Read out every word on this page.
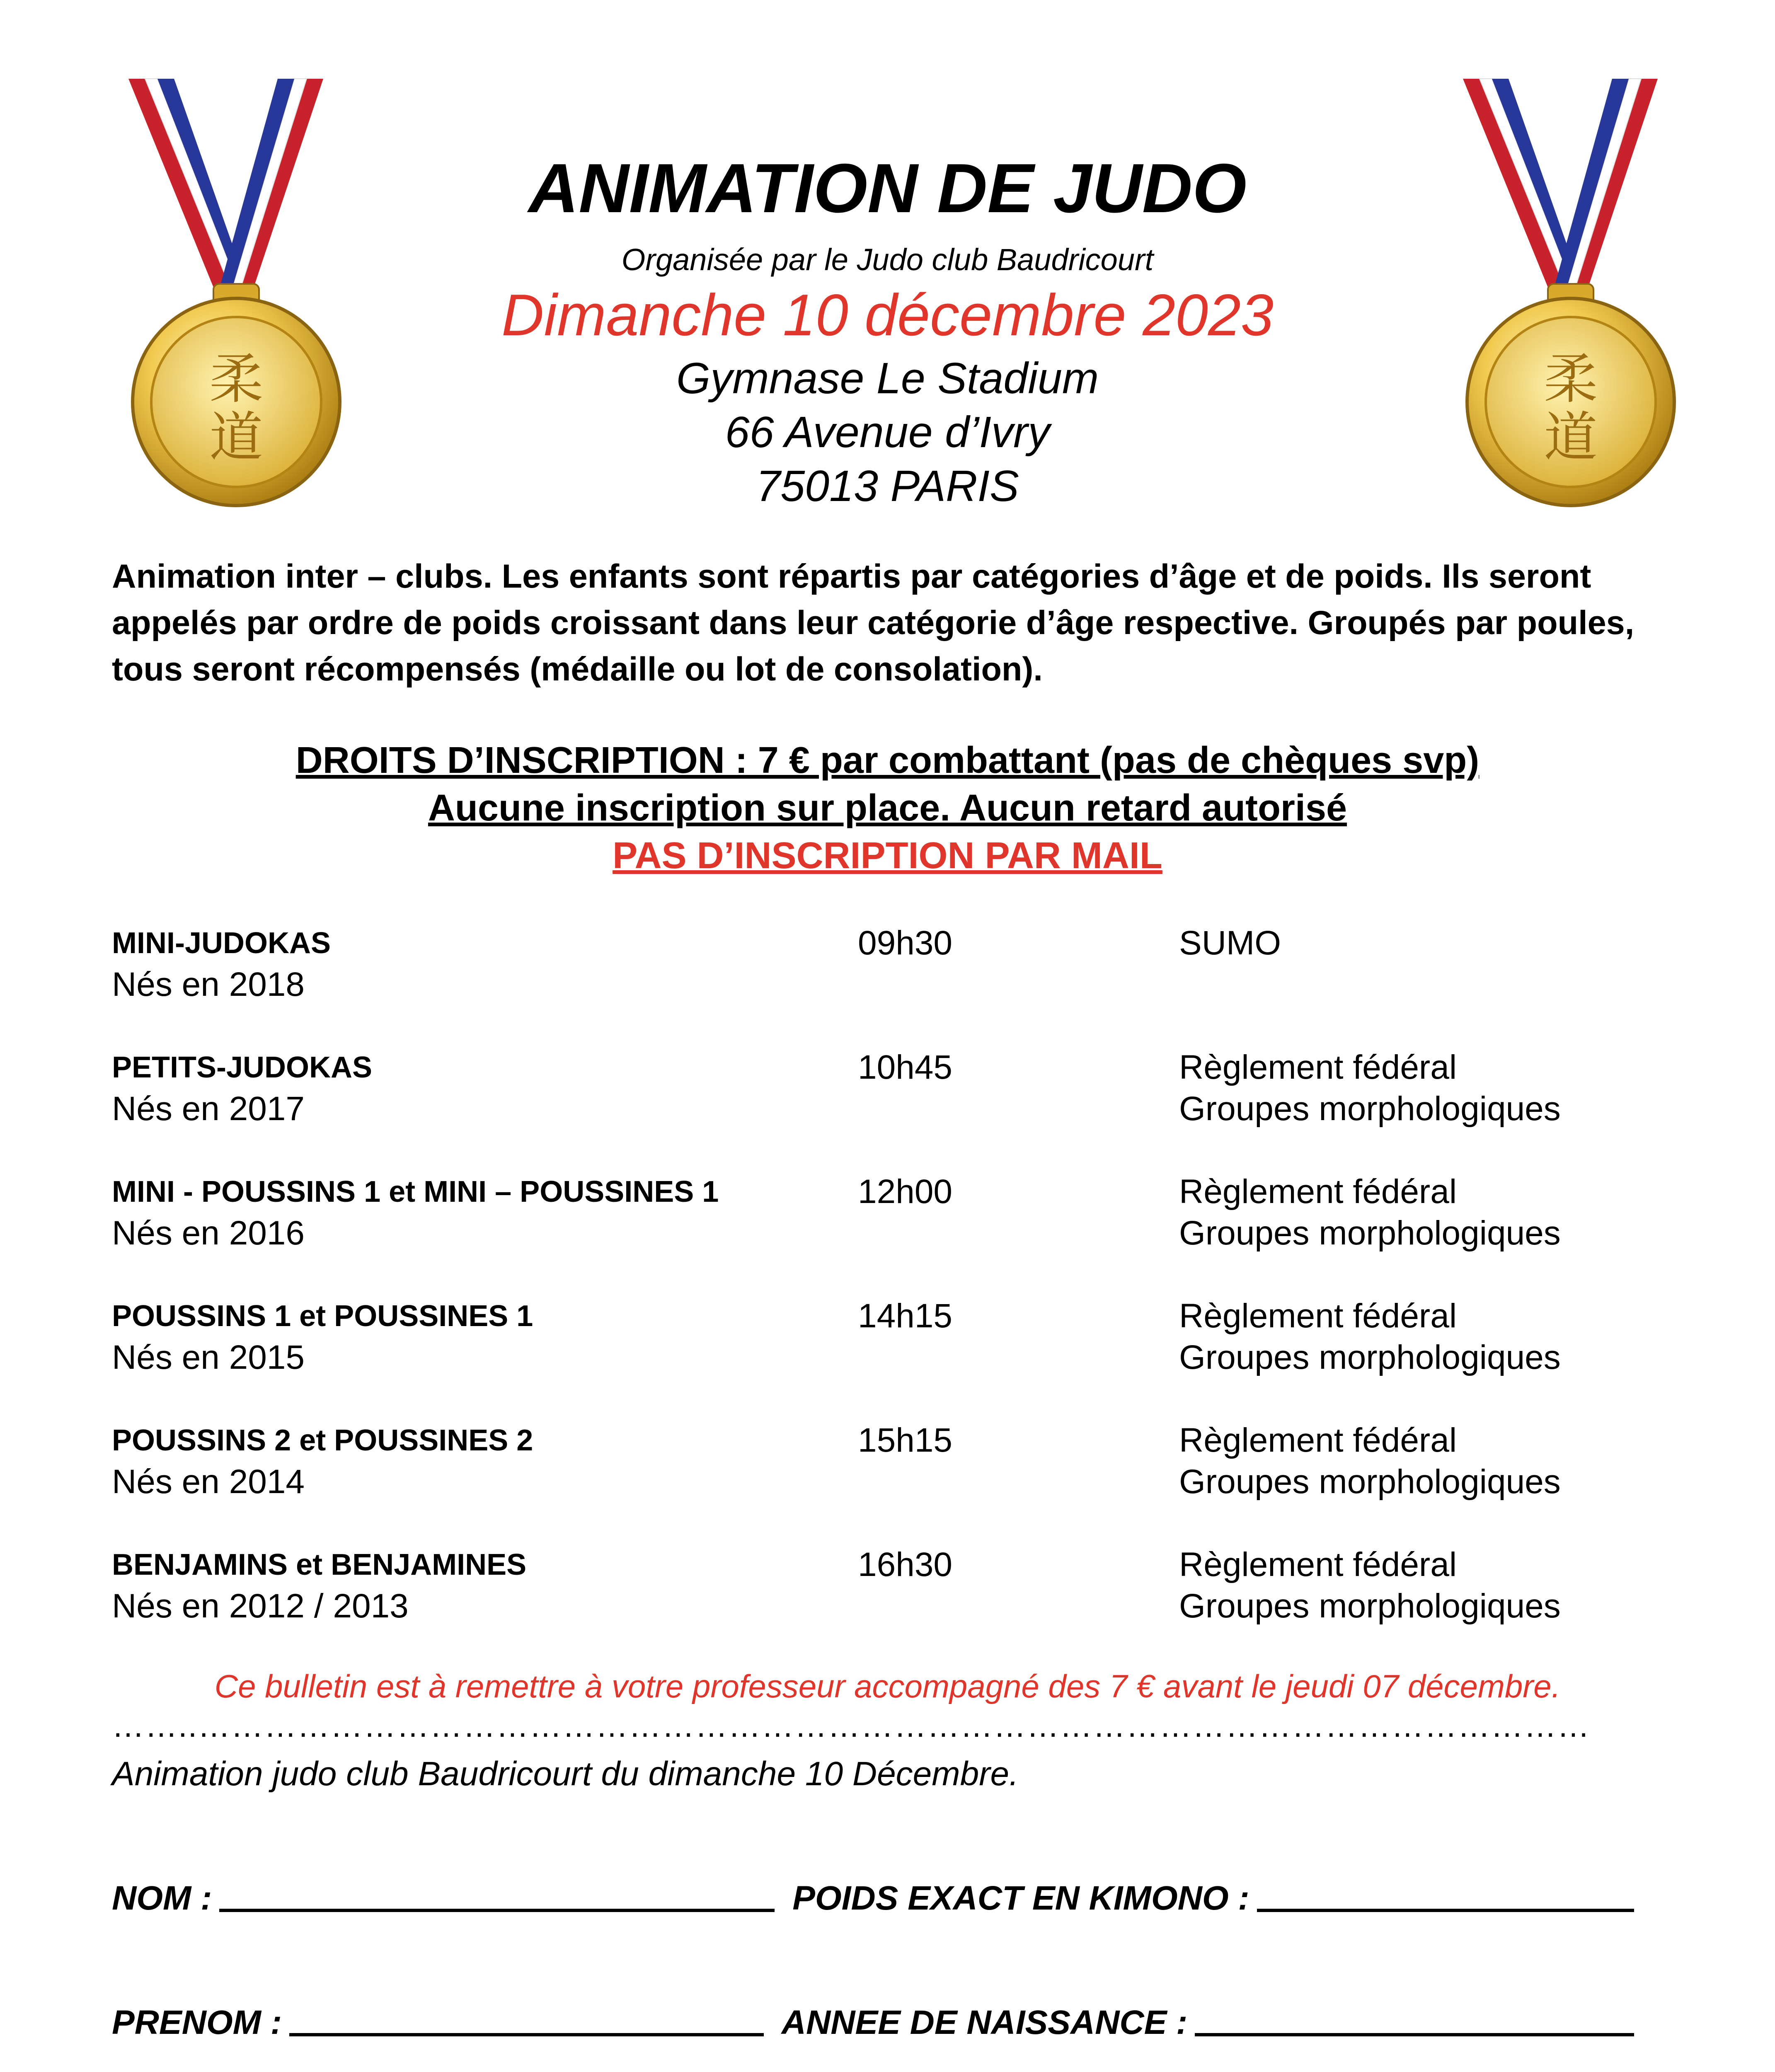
柔
道
柔
道
ANIMATION DE JUDO
Organisée par le Judo club Baudricourt
Dimanche 10 décembre 2023
Gymnase Le Stadium
66 Avenue d’Ivry
75013 PARIS
Animation inter – clubs. Les enfants sont répartis par catégories d’âge et de poids. Ils seront appelés par ordre de poids croissant dans leur catégorie d’âge respective. Groupés par poules, tous seront récompensés (médaille ou lot de consolation).
DROITS D’INSCRIPTION : 7 € par combattant (pas de chèques svp)
Aucune inscription sur place. Aucun retard autorisé
PAS D’INSCRIPTION PAR MAIL
MINI-JUDOKAS	09h30	SUMO
Nés en 2018
PETITS-JUDOKAS	10h45	Règlement fédéral
Nés en 2017	Groupes morphologiques
MINI - POUSSINS 1 et MINI – POUSSINES 1	12h00	Règlement fédéral
Nés en 2016	Groupes morphologiques
POUSSINS 1 et POUSSINES 1	14h15	Règlement fédéral
Nés en 2015	Groupes morphologiques
POUSSINS 2 et POUSSINES 2	15h15	Règlement fédéral
Nés en 2014	Groupes morphologiques
BENJAMINS et BENJAMINES	16h30	Règlement fédéral
Nés en 2012 / 2013	Groupes morphologiques
Ce bulletin est à remettre à votre professeur accompagné des 7 € avant le jeudi 07 décembre.
……..………………………………………………………………………………………………………………
Animation judo club Baudricourt du dimanche 10 Décembre.
NOM :	POIDS EXACT EN KIMONO :
PRENOM :	ANNEE DE NAISSANCE :
